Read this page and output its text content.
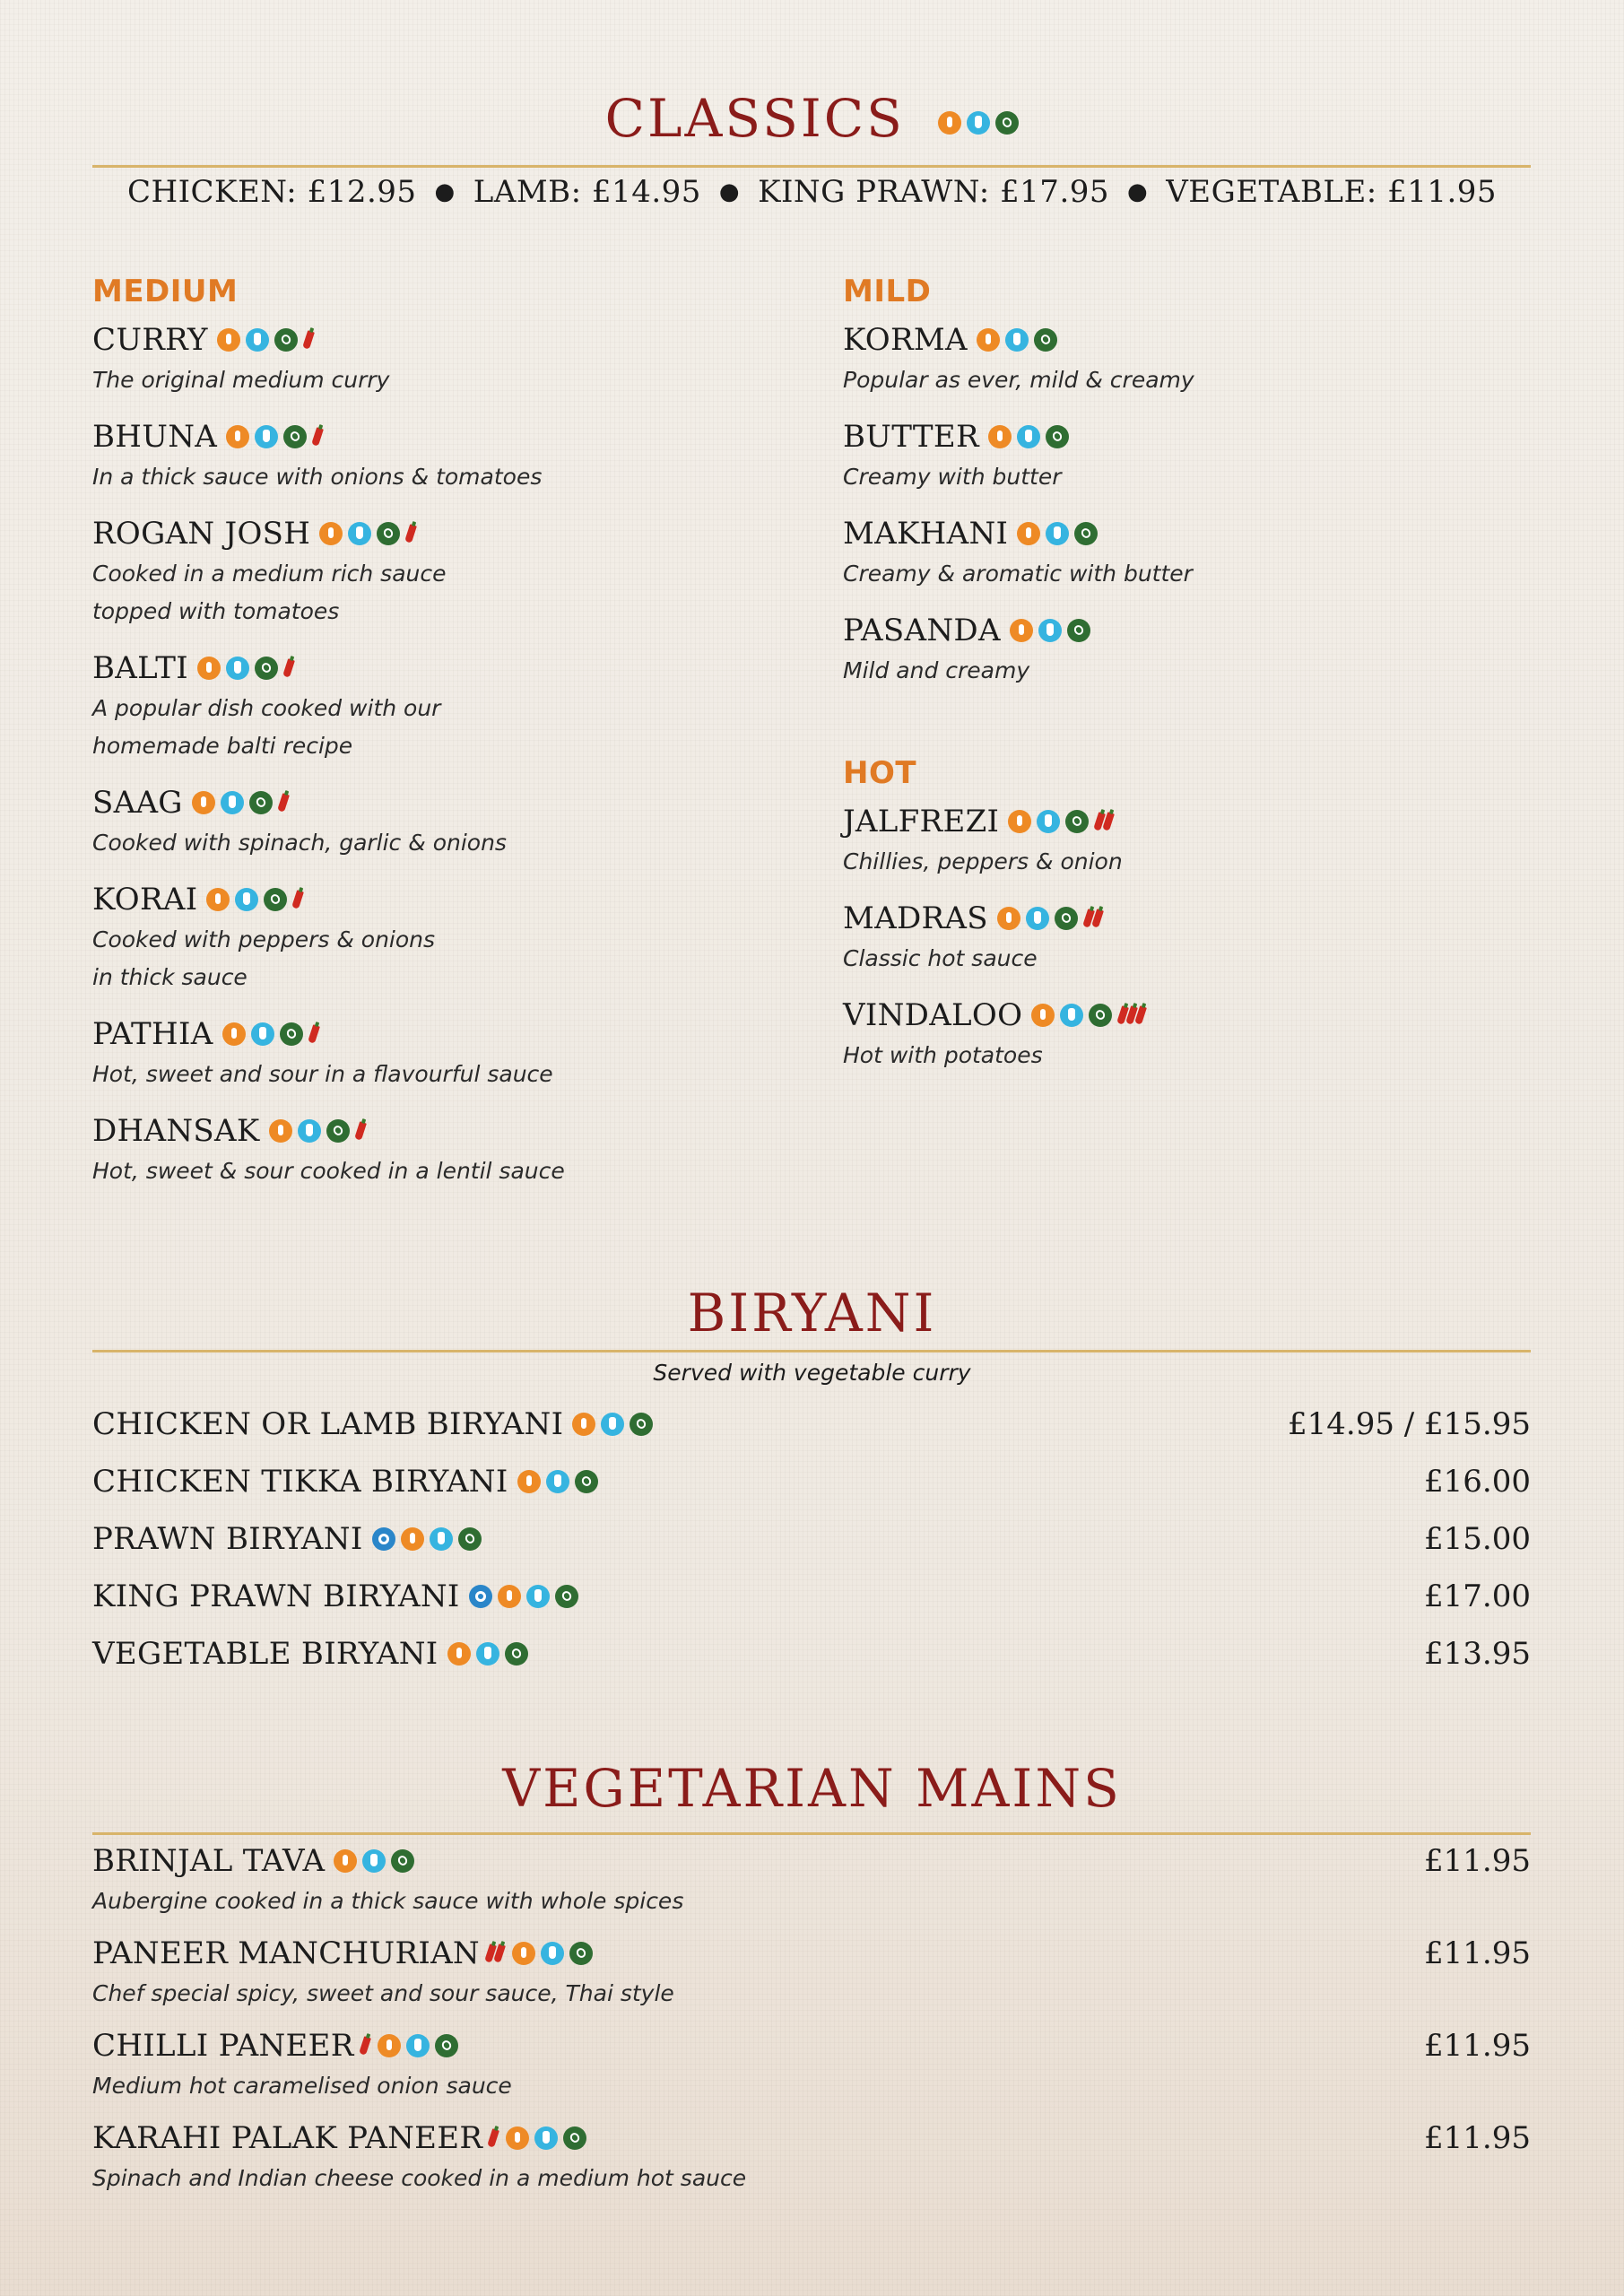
CLASSICS
CHICKEN: £12.95 ● LAMB: £14.95 ● KING PRAWN: £17.95 ● VEGETABLE: £11.95
MEDIUM
CURRY
The original medium curry
BHUNA
In a thick sauce with onions & tomatoes
ROGAN JOSH
Cooked in a medium rich sauce
topped with tomatoes
BALTI
A popular dish cooked with our
homemade balti recipe
SAAG
Cooked with spinach, garlic & onions
KORAI
Cooked with peppers & onions
in thick sauce
PATHIA
Hot, sweet and sour in a flavourful sauce
DHANSAK
Hot, sweet & sour cooked in a lentil sauce
MILD
KORMA
Popular as ever, mild & creamy
BUTTER
Creamy with butter
MAKHANI
Creamy & aromatic with butter
PASANDA
Mild and creamy
HOT
JALFREZI
Chillies, peppers & onion
MADRAS
Classic hot sauce
VINDALOO
Hot with potatoes
BIRYANI
Served with vegetable curry
CHICKEN OR LAMB BIRYANI	£14.95 / £15.95
CHICKEN TIKKA BIRYANI	£16.00
PRAWN BIRYANI	£15.00
KING PRAWN BIRYANI	£17.00
VEGETABLE BIRYANI	£13.95
VEGETARIAN MAINS
BRINJAL TAVA	£11.95
Aubergine cooked in a thick sauce with whole spices
PANEER MANCHURIAN	£11.95
Chef special spicy, sweet and sour sauce, Thai style
CHILLI PANEER	£11.95
Medium hot caramelised onion sauce
KARAHI PALAK PANEER	£11.95
Spinach and Indian cheese cooked in a medium hot sauce
